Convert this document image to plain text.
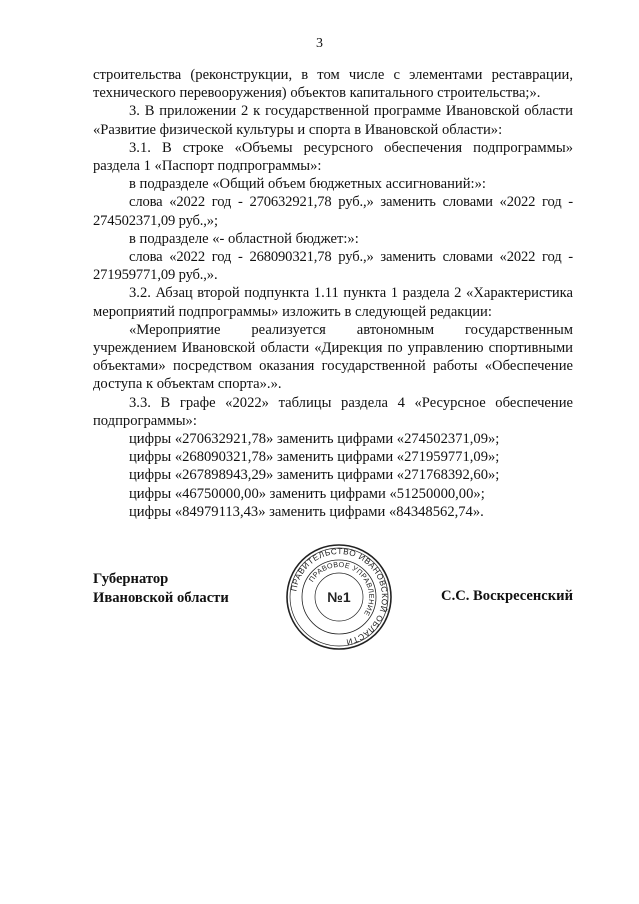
3

строительства (реконструкции, в том числе с элементами реставрации, технического перевооружения) объектов капитального строительства;».

3. В приложении 2 к государственной программе Ивановской области «Развитие физической культуры и спорта в Ивановской области»:

3.1. В строке «Объемы ресурсного обеспечения подпрограммы» раздела 1 «Паспорт подпрограммы»:

в подразделе «Общий объем бюджетных ассигнований:»:

слова «2022 год - 270632921,78 руб.,» заменить словами «2022 год - 274502371,09 руб.,»;

в подразделе «- областной бюджет:»:

слова «2022 год - 268090321,78 руб.,» заменить словами «2022 год - 271959771,09 руб.,».

3.2. Абзац второй подпункта 1.11 пункта 1 раздела 2 «Характеристика мероприятий подпрограммы» изложить в следующей редакции:

«Мероприятие реализуется автономным государственным учреждением Ивановской области «Дирекция по управлению спортивными объектами» посредством оказания государственной работы «Обеспечение доступа к объектам спорта».».

3.3. В графе «2022» таблицы раздела 4 «Ресурсное обеспечение подпрограммы»:

цифры «270632921,78» заменить цифрами «274502371,09»;

цифры «268090321,78» заменить цифрами «271959771,09»;

цифры «267898943,29» заменить цифрами «271768392,60»;

цифры «46750000,00» заменить цифрами «51250000,00»;

цифры «84979113,43» заменить цифрами «84348562,74».

Губернатор
Ивановской области	С.С. Воскресенский
ПРАВИТЕЛЬСТВО ИВАНОВСКОЙ ОБЛАСТИ
ПРАВОВОЕ УПРАВЛЕНИЕ
№1
